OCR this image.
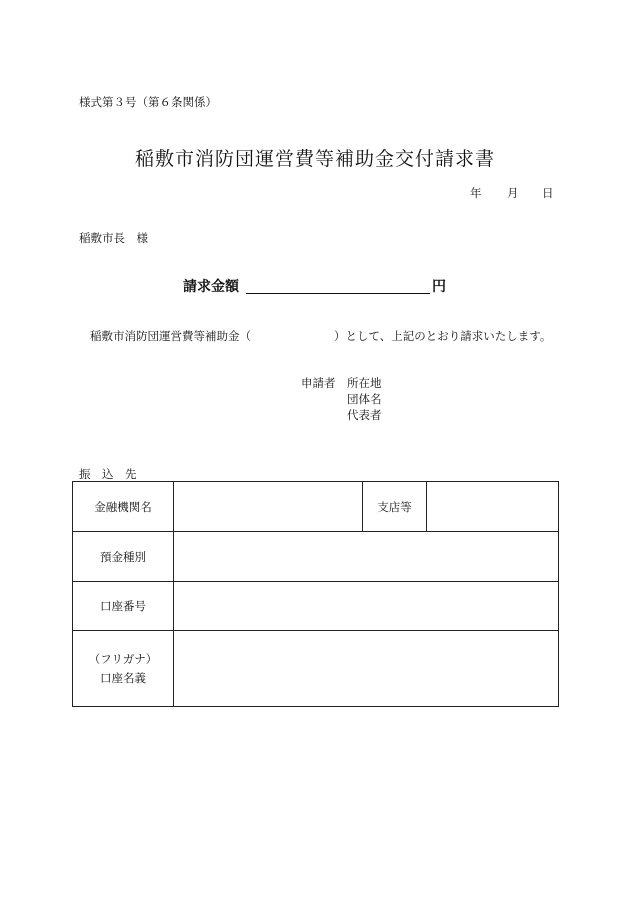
様式第３号（第６条関係）
稲敷市消防団運営費等補助金交付請求書
年 月 日
稲敷市長　様
請求金額	円
稲敷市消防団運営費等補助金（	）として、上記のとおり請求いたします。
申請者 所在地
団体名
代表者
振　込　先
金融機関名		支店等	
預金種別			
口座番号			

（フリガナ）
口座名義			
